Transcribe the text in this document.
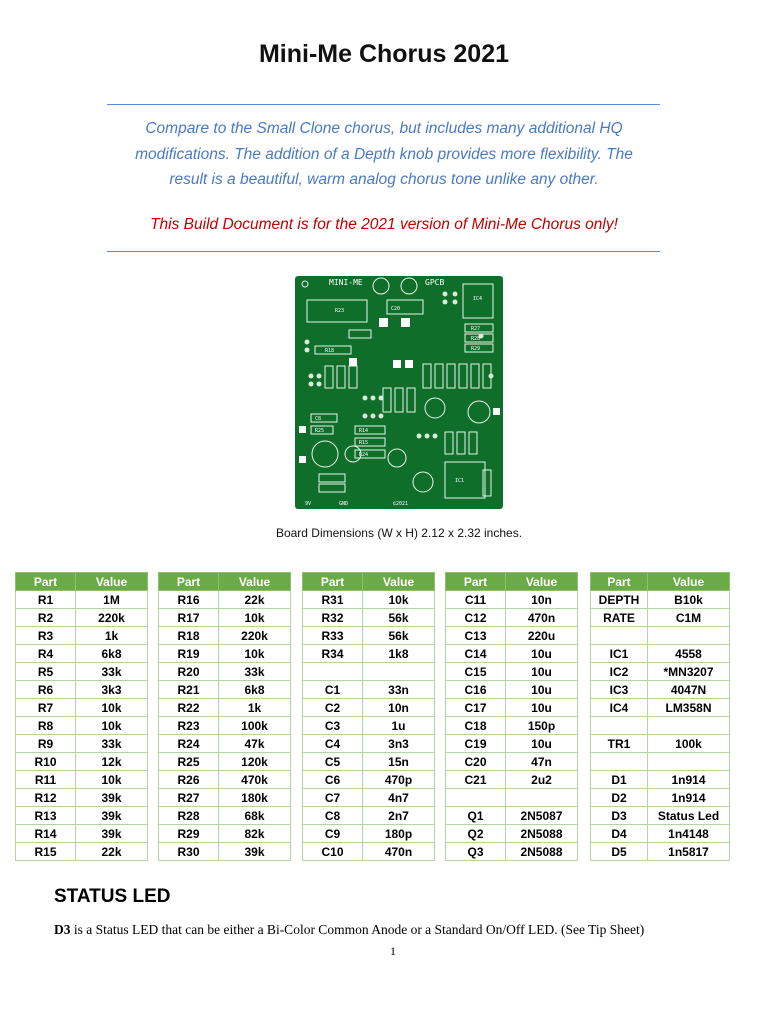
Mini-Me Chorus 2021
Compare to the Small Clone chorus, but includes many additional HQ
modifications. The addition of a Depth knob provides more flexibility. The
result is a beautiful, warm analog chorus tone unlike any other.
This Build Document is for the 2021 version of Mini-Me Chorus only!
MINI-ME	GPCB
IC4
IC1
©2021
R23
R27
R28
R29
R18
R14
R15
R24
C8
C20
R25
9V	GND
Board Dimensions (W x H) 2.12 x 2.32 inches.
Part	Value
R1	1M
R2	220k
R3	1k
R4	6k8
R5	33k
R6	3k3
R7	10k
R8	10k
R9	33k
R10	12k
R11	10k
R12	39k
R13	39k
R14	39k
R15	22k
Part	Value
R16	22k
R17	10k
R18	220k
R19	10k
R20	33k
R21	6k8
R22	1k
R23	100k
R24	47k
R25	120k
R26	470k
R27	180k
R28	68k
R29	82k
R30	39k
Part	Value
R31	10k
R32	56k
R33	56k
R34	1k8

C1	33n
C2	10n
C3	1u
C4	3n3
C5	15n
C6	470p
C7	4n7
C8	2n7
C9	180p
C10	470n
Part	Value
C11	10n
C12	470n
C13	220u
C14	10u
C15	10u
C16	10u
C17	10u
C18	150p
C19	10u
C20	47n
C21	2u2

Q1	2N5087
Q2	2N5088
Q3	2N5088
Part	Value
DEPTH	B10k
RATE	C1M

IC1	4558
IC2	*MN3207
IC3	4047N
IC4	LM358N

TR1	100k

D1	1n914
D2	1n914
D3	Status Led
D4	1n4148
D5	1n5817
STATUS LED
D3 is a Status LED that can be either a Bi-Color Common Anode or a Standard On/Off LED. (See Tip Sheet)
1
